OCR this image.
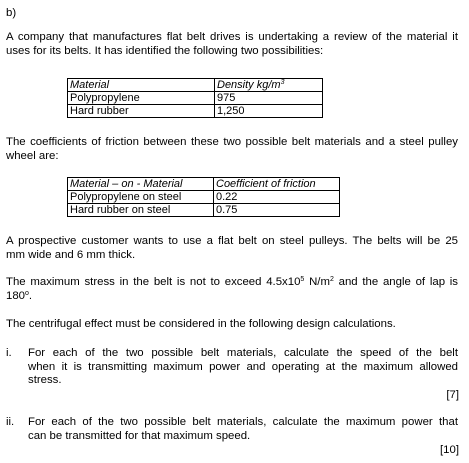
b)
A company that manufactures flat belt drives is undertaking a review of the material it
uses for its belts. It has identified the following two possibilities:
Material	Density $kg/m^3$
Polypropylene	975
Hard rubber	1,250
The coefficients of friction between these two possible belt materials and a steel pulley
wheel are:
Material – on - Material	Coefficient of friction
Polypropylene on steel	0.22
Hard rubber on steel	0.75
A prospective customer wants to use a flat belt on steel pulleys. The belts will be 25
mm wide and 6 mm thick.
The maximum stress in the belt is not to exceed $4.5x10^5$ $N/m^2$ and the angle of lap is
180$^o$.
The centrifugal effect must be considered in the following design calculations.
i. For each of the two possible belt materials, calculate the speed of the belt
when it is transmitting maximum power and operating at the maximum allowed
stress.
[7]
ii. For each of the two possible belt materials, calculate the maximum power that
can be transmitted for that maximum speed.
[10]
